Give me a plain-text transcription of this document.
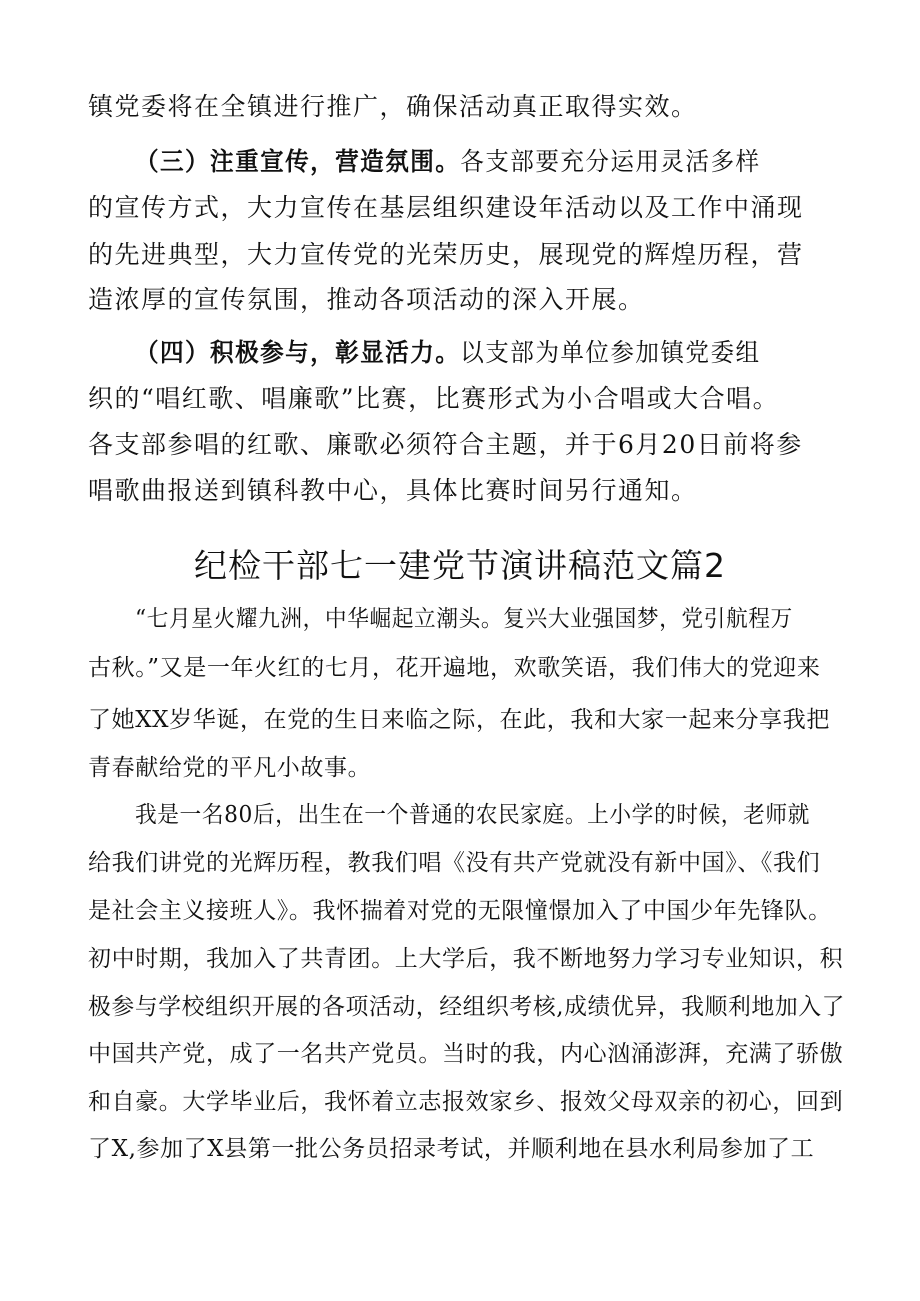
镇党委将在全镇进行推广，确保活动真正取得实效。
（三）注重宣传，营造氛围。各支部要充分运用灵活多样
的宣传方式，大力宣传在基层组织建设年活动以及工作中涌现
的先进典型，大力宣传党的光荣历史，展现党的辉煌历程，营
造浓厚的宣传氛围，推动各项活动的深入开展。
（四）积极参与，彰显活力。以支部为单位参加镇党委组
织的“唱红歌、唱廉歌”比赛，比赛形式为小合唱或大合唱。
各支部参唱的红歌、廉歌必须符合主题，并于6月20日前将参
唱歌曲报送到镇科教中心，具体比赛时间另行通知。
纪检干部七一建党节演讲稿范文篇2
“七月星火耀九洲，中华崛起立潮头。复兴大业强国梦，党引航程万
古秋。”又是一年火红的七月，花开遍地，欢歌笑语，我们伟大的党迎来
了她XX岁华诞，在党的生日来临之际，在此，我和大家一起来分享我把
青春献给党的平凡小故事。
我是一名80后，出生在一个普通的农民家庭。上小学的时候，老师就
给我们讲党的光辉历程，教我们唱《没有共产党就没有新中国》、《我们
是社会主义接班人》。我怀揣着对党的无限憧憬加入了中国少年先锋队。
初中时期，我加入了共青团。上大学后，我不断地努力学习专业知识，积
极参与学校组织开展的各项活动，经组织考核,成绩优异，我顺利地加入了
中国共产党，成了一名共产党员。当时的我，内心汹涌澎湃，充满了骄傲
和自豪。大学毕业后，我怀着立志报效家乡、报效父母双亲的初心，回到
了X,参加了X县第一批公务员招录考试，并顺利地在县水利局参加了工
